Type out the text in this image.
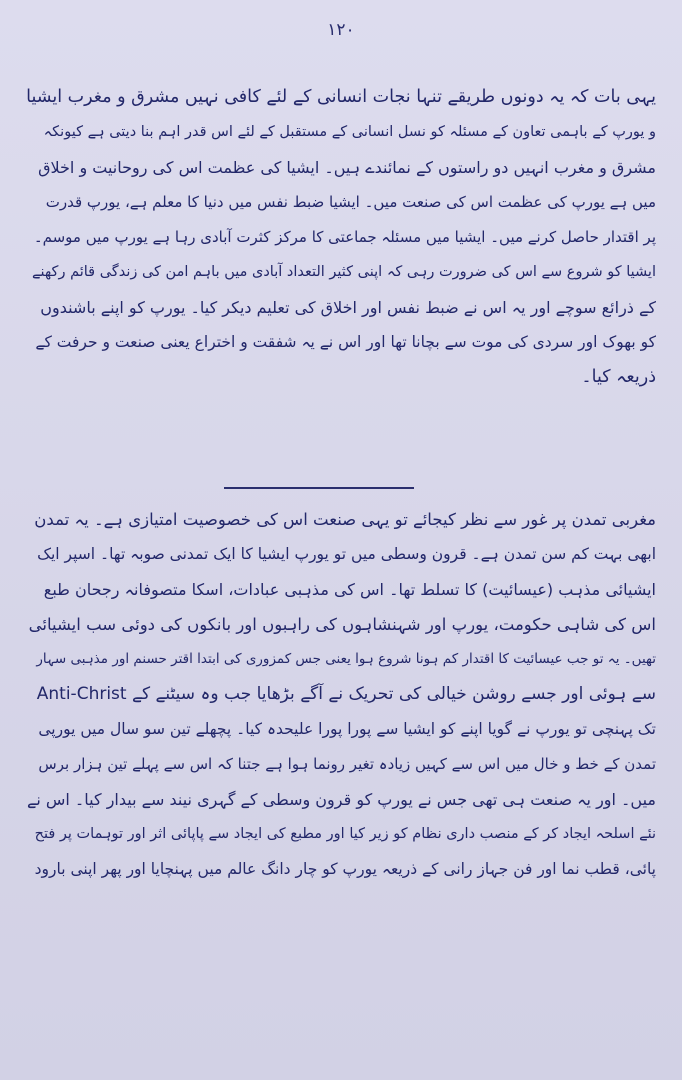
۱۲۰
یہی بات کہ یہ دونوں طریقے تنہا نجات انسانی کے لئے کافی نہیں مشرق و مغرب ایشیا
و یورپ کے باہمی تعاون کے مسئلہ کو نسل انسانی کے مستقبل کے لئے اس قدر اہم بنا دیتی ہے کیونکہ
مشرق و مغرب انہیں دو راستوں کے نمائندے ہیں۔ ایشیا کی عظمت اس کی روحانیت و اخلاق
میں ہے یورپ کی عظمت اس کی صنعت میں۔ ایشیا ضبط نفس میں دنیا کا معلم ہے، یورپ قدرت
پر اقتدار حاصل کرنے میں۔ ایشیا میں مسئلہ جماعتی کا مرکز کثرت آبادی رہا ہے یورپ میں موسم۔
ایشیا کو شروع سے اس کی ضرورت رہی کہ اپنی کثیر التعداد آبادی میں باہم امن کی زندگی قائم رکھنے
کے ذرائع سوچے اور یہ اس نے ضبط نفس اور اخلاق کی تعلیم دیکر کیا۔ یورپ کو اپنے باشندوں
کو بھوک اور سردی کی موت سے بچانا تھا اور اس نے یہ شفقت و اختراع یعنی صنعت و حرفت کے
ذریعہ کیا۔
مغربی تمدن پر غور سے نظر کیجائے تو یہی صنعت اس کی خصوصیت امتیازی ہے۔ یہ تمدن
ابھی بہت کم سن تمدن ہے۔ قرون وسطی میں تو یورپ ایشیا کا ایک تمدنی صوبہ تھا۔ اسپر ایک
ایشیائی مذہب (عیسائیت) کا تسلط تھا۔ اس کی مذہبی عبادات، اسکا متصوفانہ رجحان طبع
اس کی شاہی حکومت، یورپ اور شہنشاہوں کی راہبوں اور بانکوں کی دوئی سب ایشیائی
تھیں۔ یہ تو جب عیسائیت کا اقتدار کم ہونا شروع ہوا یعنی جس کمزوری کی ابتدا اقتر حسنم اور مذہبی سہار
سے ہوئی اور جسے روشن خیالی کی تحریک نے آگے بڑھایا جب وہ سیٹنے کے Anti-Christ
تک پہنچی تو یورپ نے گویا اپنے کو ایشیا سے پورا پورا علیحدہ کیا۔ پچھلے تین سو سال میں یورپی
تمدن کے خط و خال میں اس سے کہیں زیادہ تغیر رونما ہوا ہے جتنا کہ اس سے پہلے تین ہزار برس
میں۔ اور یہ صنعت ہی تھی جس نے یورپ کو قرون وسطی کے گہری نیند سے بیدار کیا۔ اس نے
نئے اسلحہ ایجاد کر کے منصب داری نظام کو زیر کیا اور مطبع کی ایجاد سے پاپائی اثر اور توہمات پر فتح
پائی، قطب نما اور فن جہاز رانی کے ذریعہ یورپ کو چار دانگ عالم میں پہنچایا اور پھر اپنی بارود
